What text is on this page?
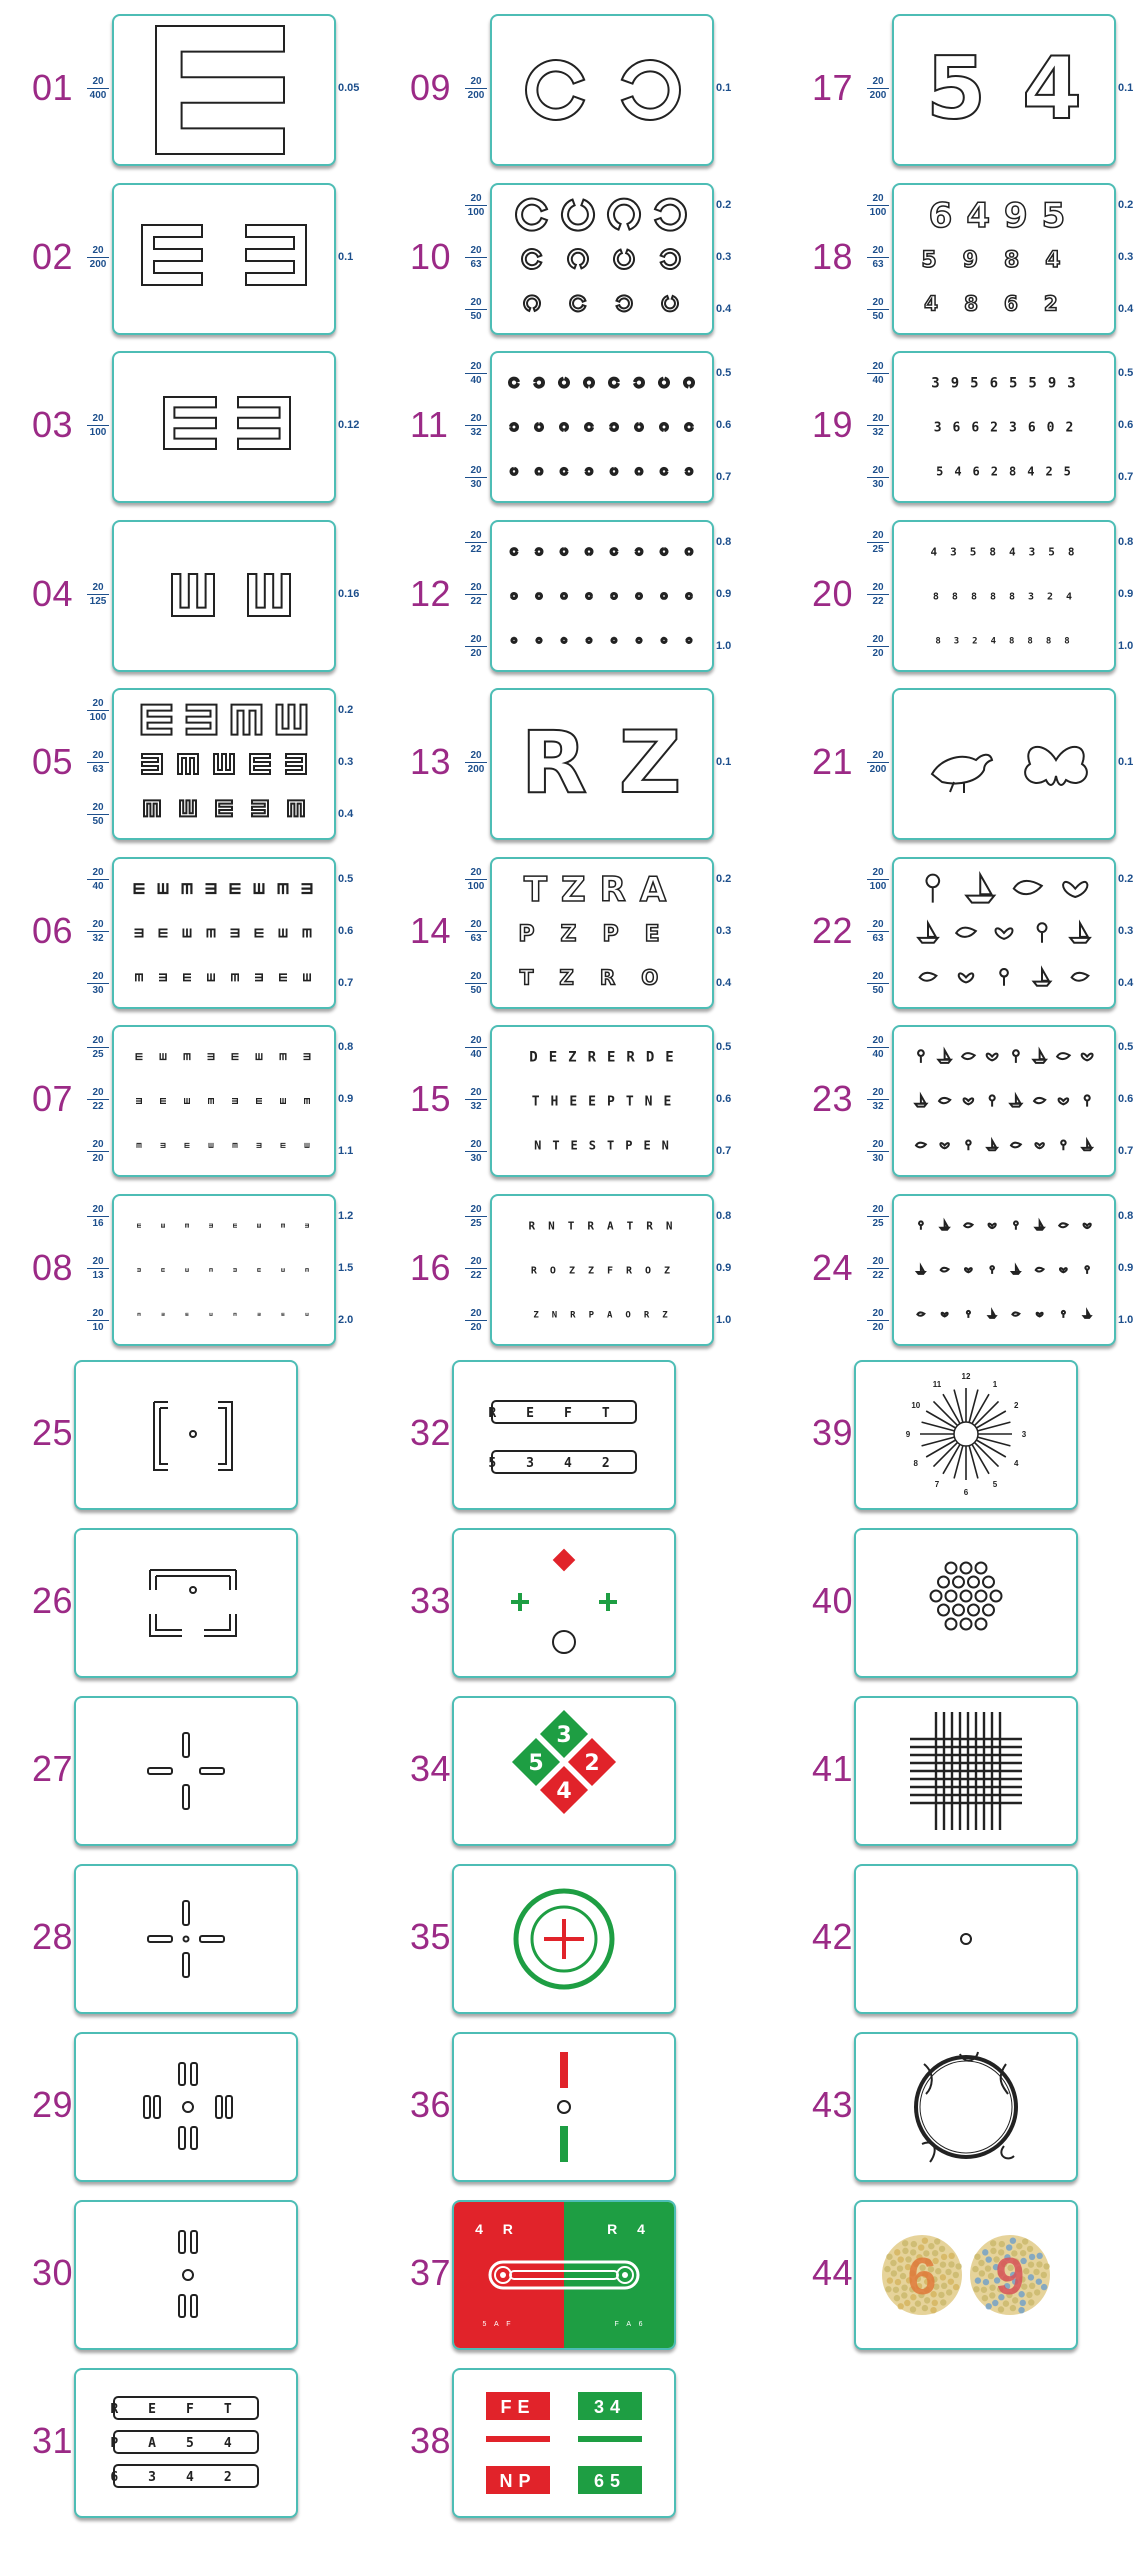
01	20
400
0.05
02	20
200
0.1
03	20
100
0.12
04	20
125
0.16
05
20
100
0.2
20
63
0.3
20
50
0.4
06
20
40
0.5
20
32
0.6
20
30
0.7
07
20
25
0.8
20
22
0.9
20
20
1.1
08
20
16
1.2
20
13
1.5
20
10
2.0
09	20
200
0.1
10
20
100
0.2
20
63
0.3
20
50
0.4
11
20
40
0.5
20
32
0.6
20
30
0.7
12
20
22
0.8
20
22
0.9
20
20
1.0
13 R Z
20
200
0.1
14
TZRA
PZPE
TZRO
20
100
0.2
20
63
0.3
20
50
0.4
15
DEZRERDE
THEEPTNE
NTESTPEN
20
40
0.5
20
32
0.6
20
30
0.7
16
RNTRATRN
ROZZFROZ
ZNRPAORZ
20
25
0.8
20
22
0.9
20
20
1.0
17 5 4
20
200
0.1
18
6495
5984
4862
20
100
0.2
20
63
0.3
20
50
0.4
19
39565593
36623602
54628425
20
40
0.5
20
32
0.6
20
30
0.7
20
43584358
88888324
83248888
20
25
0.8
20
22
0.9
20
20
1.0
21	20
200
0.1
22
20
100
0.2
20
63
0.3
20
50
0.4
23
20
40
0.5
20
32
0.6
20
30
0.7
24
20
25
0.8
20
22
0.9
20
20
1.0
25
26
27
28
29
30
31
REFT
PA54
6342
32	REFT
5342
33
34
3
5 2
4
35
36
37
4 R	R 4
5 A F	F A 6
38
FE	34
NP	65
39
12
1
2
3
4
5
6
7
8
9
10
11
40
41
42
43
44 6 9
